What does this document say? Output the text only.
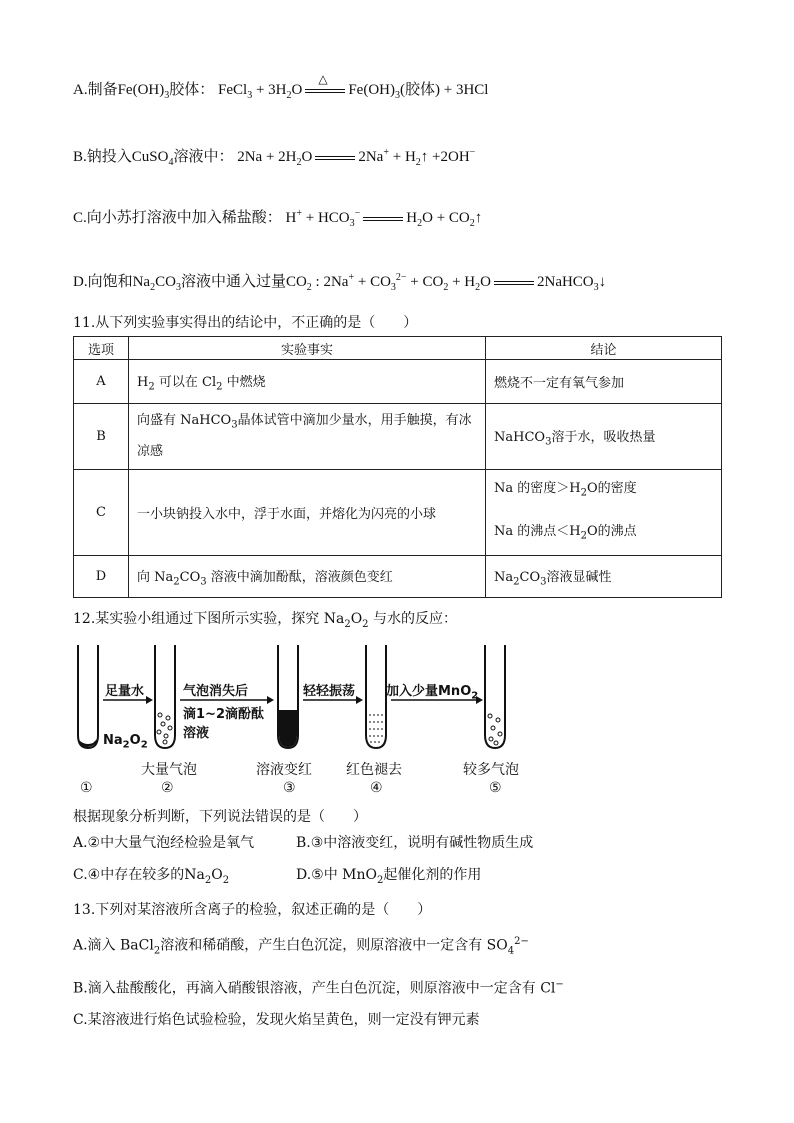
A.制备$Fe(OH)_3$胶体： FeCl$_3$ + $3H_2O$
△
$Fe(OH)_3$(胶体) + 3HCl
B.钠投入CuSO$_4$溶液中： $2Na + 2H_2O$	$2Na^+ + H_2↑ +2OH^-$
C.向小苏打溶液中加入稀盐酸： $H^+ + HCO_3^-$	$H_2O$ + $CO_2↑$
D.向饱和$Na_2CO_3$溶液中通入过量$CO_2$ : $2Na^+ + CO_3^{2-} + CO_2 + H_2O$	2NaHCO$_3$↓
11.从下列实验事实得出的结论中，不正确的是（　　）
选项	实验事实	结论
A	$H_2$ 可以在 $Cl_2$ 中燃烧	燃烧不一定有氧气参加
B	向盛有 NaHCO$_3$晶体试管中滴加少量水，用手触摸，有冰凉感	NaHCO$_3$溶于水，吸收热量
C	一小块钠投入水中，浮于水面，并熔化为闪亮的小球	Na 的密度$>H_2O$的密度
Na 的沸点$<H_2O$的沸点

D	向 $Na_2CO_3$ 溶液中滴加酚酞，溶液颜色变红	$Na_2CO_3$溶液显碱性
12.某实验小组通过下图所示实验，探究 $Na_2O_2$ 与水的反应：
足量水	气泡消失后
滴1~2滴酚酞
溶液
轻轻振荡 加入少量MnO$_2$
$Na_2O_2$
大量气泡	溶液变红 红色褪去	较多气泡
①	②	③	④	⑤
根据现象分析判断，下列说法错误的是（　　）
A.②中大量气泡经检验是氧气	B.③中溶液变红，说明有碱性物质生成
C.④中存在较多的$Na_2O_2$	D.⑤中 MnO$_2$起催化剂的作用
13.下列对某溶液所含离子的检验，叙述正确的是（　　）
A.滴入 BaCl$_2$溶液和稀硝酸，产生白色沉淀，则原溶液中一定含有 $SO_4^{2-}$
B.滴入盐酸酸化，再滴入硝酸银溶液，产生白色沉淀，则原溶液中一定含有 Cl−
C.某溶液进行焰色试验检验，发现火焰呈黄色，则一定没有钾元素
